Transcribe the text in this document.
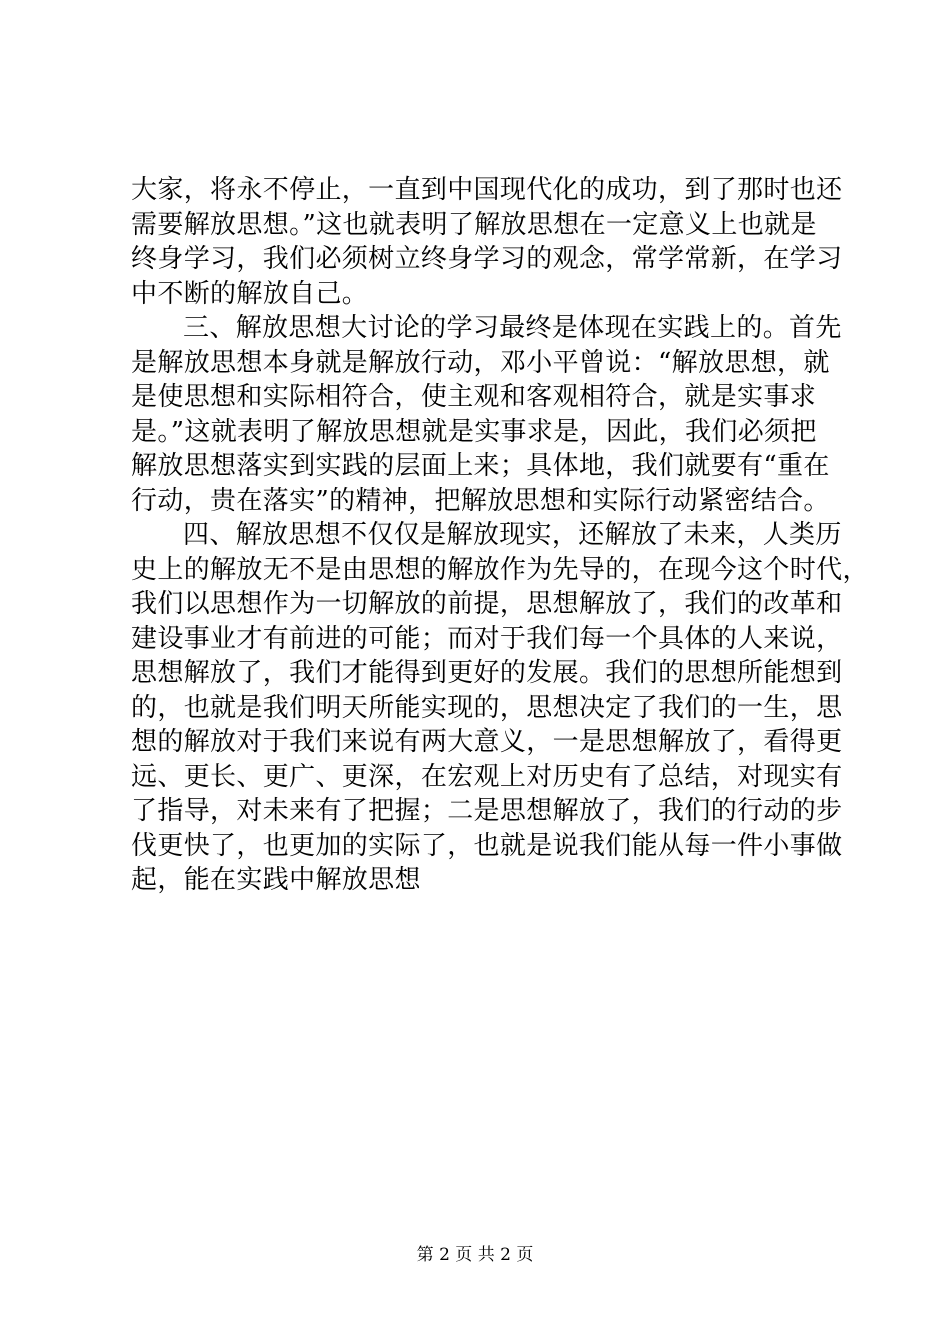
大家，将永不停止，一直到中国现代化的成功，到了那时也还
需要解放思想。”这也就表明了解放思想在一定意义上也就是
终身学习，我们必须树立终身学习的观念，常学常新，在学习
中不断的解放自己。
三、解放思想大讨论的学习最终是体现在实践上的。首先
是解放思想本身就是解放行动，邓小平曾说：“解放思想，就
是使思想和实际相符合，使主观和客观相符合，就是实事求
是。”这就表明了解放思想就是实事求是，因此，我们必须把
解放思想落实到实践的层面上来；具体地，我们就要有“重在
行动，贵在落实”的精神，把解放思想和实际行动紧密结合。
四、解放思想不仅仅是解放现实，还解放了未来，人类历
史上的解放无不是由思想的解放作为先导的，在现今这个时代，
我们以思想作为一切解放的前提，思想解放了，我们的改革和
建设事业才有前进的可能；而对于我们每一个具体的人来说，
思想解放了，我们才能得到更好的发展。我们的思想所能想到
的，也就是我们明天所能实现的，思想决定了我们的一生，思
想的解放对于我们来说有两大意义，一是思想解放了，看得更
远、更长、更广、更深，在宏观上对历史有了总结，对现实有
了指导，对未来有了把握；二是思想解放了，我们的行动的步
伐更快了，也更加的实际了，也就是说我们能从每一件小事做
起，能在实践中解放思想
第 2 页 共 2 页
